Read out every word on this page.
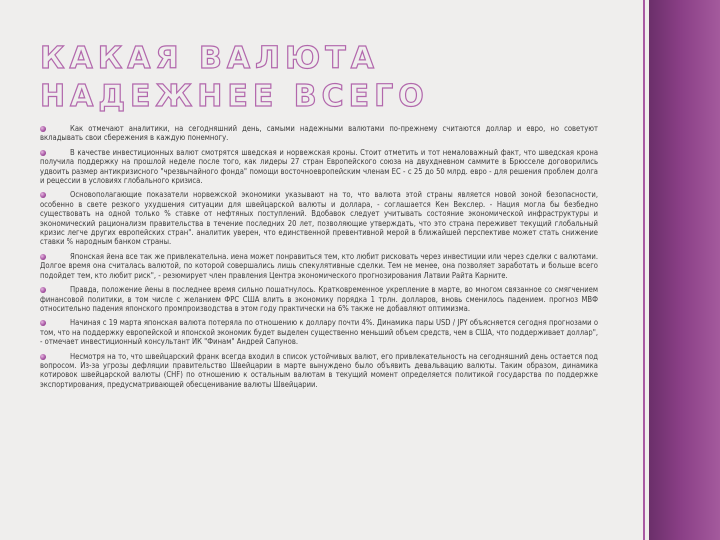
КАКАЯ ВАЛЮТА НАДЕЖНЕЕ ВСЕГО

Как отмечают аналитики, на сегодняшний день, самыми надежными валютами по-прежнему считаются доллар и евро, но советуют вкладывать свои сбережения в каждую понемногу.

В качестве инвестиционных валют смотрятся шведская и норвежская кроны. Стоит отметить и тот немаловажный факт, что шведская крона получила поддержку на прошлой неделе после того, как лидеры 27 стран Европейского союза на двухдневном саммите в Брюсселе договорились удвоить размер антикризисного "чрезвычайного фонда" помощи восточноевропейским членам ЕС - с 25 до 50 млрд. евро - для решения проблем долга и рецессии в условиях глобального кризиса.

Основополагающие показатели норвежской экономики указывают на то, что валюта этой страны является новой зоной безопасности, особенно в свете резкого ухудшения ситуации для швейцарской валюты и доллара, - соглашается Кен Векслер. - Нация могла бы безбедно существовать на одной только % ставке от нефтяных поступлений. Вдобавок следует учитывать состояние экономической инфраструктуры и экономический рационализм правительства в течение последних 20 лет, позволяющие утверждать, что это страна переживет текущий глобальный кризис легче других европейских стран". аналитик уверен, что единственной превентивной мерой в ближайшей перспективе может стать снижение ставки % народным банком страны.

Японская йена все так же привлекательна. иена может понравиться тем, кто любит рисковать через инвестиции или через сделки с валютами. Долгое время она считалась валютой, по которой совершались лишь спекулятивные сделки. Тем не менее, она позволяет заработать и больше всего подойдет тем, кто любит риск", - резюмирует член правления Центра экономического прогнозирования Латвии Райта Карните.

Правда, положение йены в последнее время сильно пошатнулось. Кратковременное укрепление в марте, во многом связанное со смягчением финансовой политики, в том числе с желанием ФРС США влить в экономику порядка 1 трлн. долларов, вновь сменилось падением. прогноз МВФ относительно падения японского промпроизводства в этом году практически на 6% также не добавляют оптимизма.

Начиная с 19 марта японская валюта потеряла по отношению к доллару почти 4%. Динамика пары USD / JPY объясняется сегодня прогнозами о том, что на поддержку европейской и японской экономик будет выделен существенно меньший объем средств, чем в США, что поддерживает доллар", - отмечает инвестиционный консультант ИК "Финам" Андрей Сапунов.

Несмотря на то, что швейцарский франк всегда входил в список устойчивых валют, его привлекательность на сегодняшний день остается под вопросом. Из-за угрозы дефляции правительство Швейцарии в марте вынуждено было объявить девальвацию валюты. Таким образом, динамика котировок швейцарской валюты (CHF) по отношению к остальным валютам в текущий момент определяется политикой государства по поддержке экспортирования, предусматривающей обесценивание валюты Швейцарии.
